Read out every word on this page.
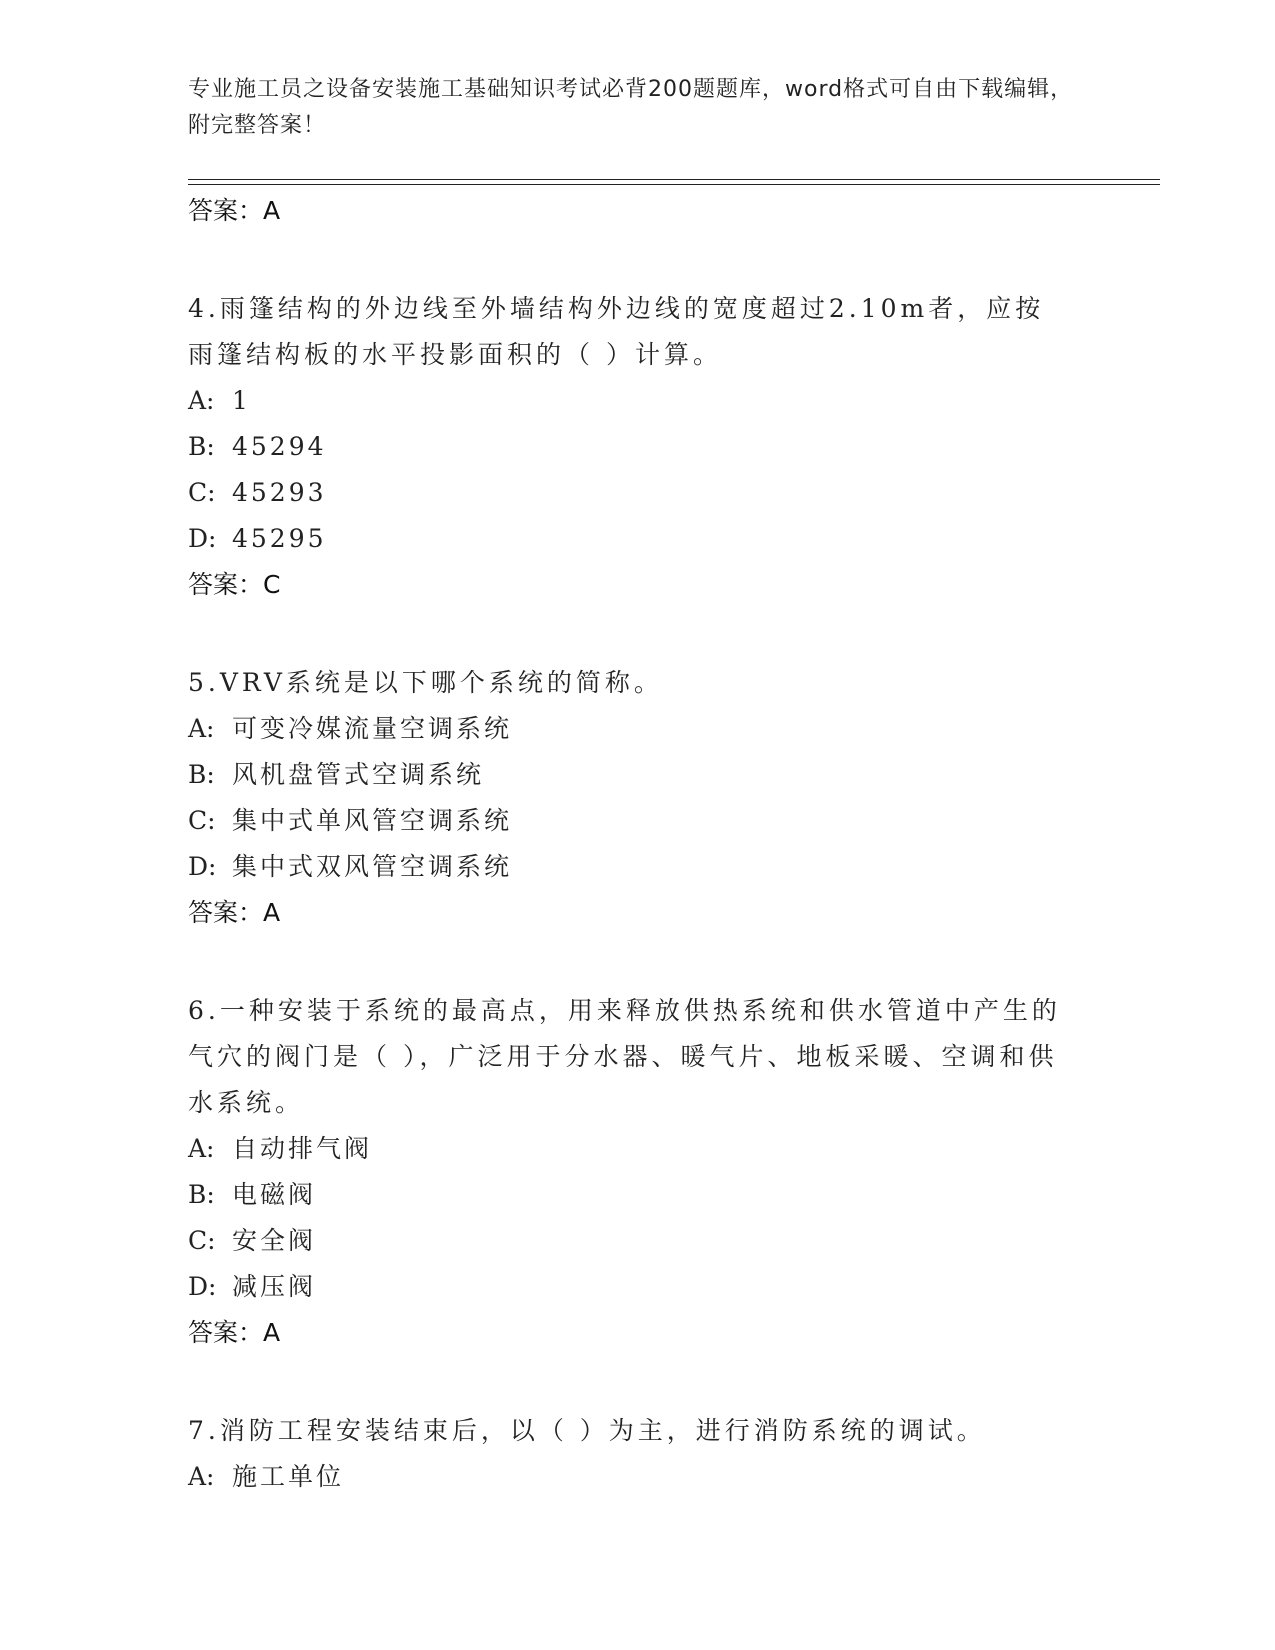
专业施工员之设备安装施工基础知识考试必背200题题库，word格式可自由下载编辑，附完整答案！
答案：A
4.雨篷结构的外边线至外墙结构外边线的宽度超过2.10m者，应按雨篷结构板的水平投影面积的（ ）计算。
A: 1
B: 45294
C: 45293
D: 45295
答案：C
5.VRV系统是以下哪个系统的简称。
A: 可变冷媒流量空调系统
B: 风机盘管式空调系统
C: 集中式单风管空调系统
D: 集中式双风管空调系统
答案：A
6.一种安装于系统的最高点，用来释放供热系统和供水管道中产生的气穴的阀门是（ ），广泛用于分水器、暖气片、地板采暖、空调和供水系统。
A: 自动排气阀
B: 电磁阀
C: 安全阀
D: 减压阀
答案：A
7.消防工程安装结束后，以（ ）为主，进行消防系统的调试。
A: 施工单位
